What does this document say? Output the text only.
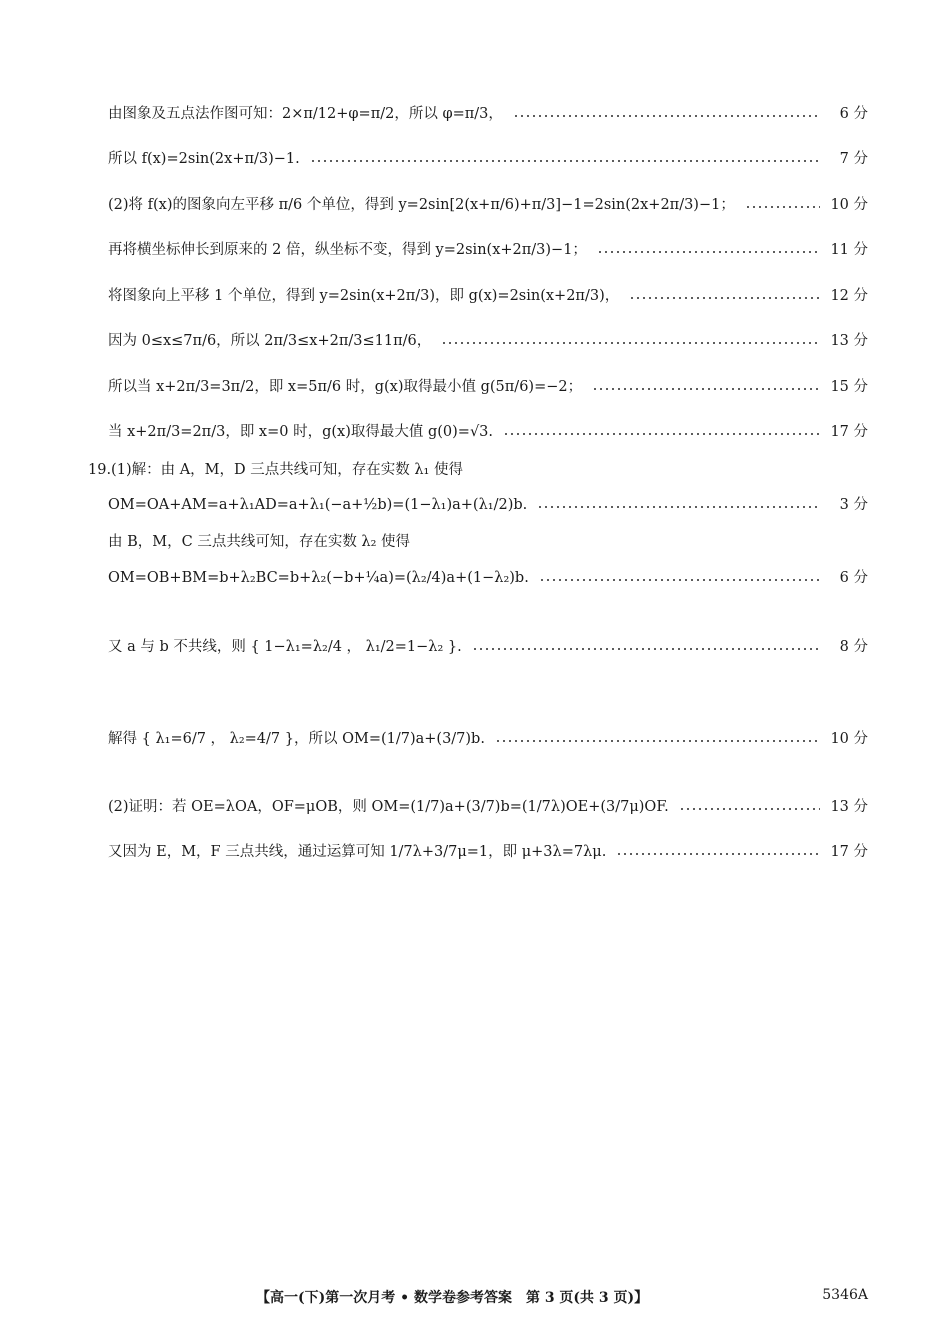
由图象及五点法作图可知：2×π/12+φ=π/2，所以 φ=π/3，	6 分
所以 f(x)=2sin(2x+π/3)−1.	7 分
(2)将 f(x)的图象向左平移 π/6 个单位，得到 y=2sin[2(x+π/6)+π/3]−1=2sin(2x+2π/3)−1；	10 分
再将横坐标伸长到原来的 2 倍，纵坐标不变，得到 y=2sin(x+2π/3)−1；	11 分
将图象向上平移 1 个单位，得到 y=2sin(x+2π/3)，即 g(x)=2sin(x+2π/3)，	12 分
因为 0≤x≤7π/6，所以 2π/3≤x+2π/3≤11π/6，	13 分
所以当 x+2π/3=3π/2，即 x=5π/6 时，g(x)取得最小值 g(5π/6)=−2；	15 分
当 x+2π/3=2π/3，即 x=0 时，g(x)取得最大值 g(0)=√3.	17 分
19.(1)解：由 A，M，D 三点共线可知，存在实数 λ₁ 使得
OM=OA+AM=a+λ₁AD=a+λ₁(−a+½b)=(1−λ₁)a+(λ₁/2)b.	3 分
由 B，M，C 三点共线可知，存在实数 λ₂ 使得
OM=OB+BM=b+λ₂BC=b+λ₂(−b+¼a)=(λ₂/4)a+(1−λ₂)b.	6 分
又 a 与 b 不共线，则 { 1−λ₁=λ₂/4 ， λ₁/2=1−λ₂ }.	8 分
解得 { λ₁=6/7 ， λ₂=4/7 }，所以 OM=(1/7)a+(3/7)b.	10 分
(2)证明：若 OE=λOA，OF=μOB，则 OM=(1/7)a+(3/7)b=(1/7λ)OE+(3/7μ)OF.	13 分
又因为 E，M，F 三点共线，通过运算可知 1/7λ+3/7μ=1，即 μ+3λ=7λμ.	17 分
【高一(下)第一次月考 • 数学卷参考答案　第 3 页(共 3 页)】	5346A
